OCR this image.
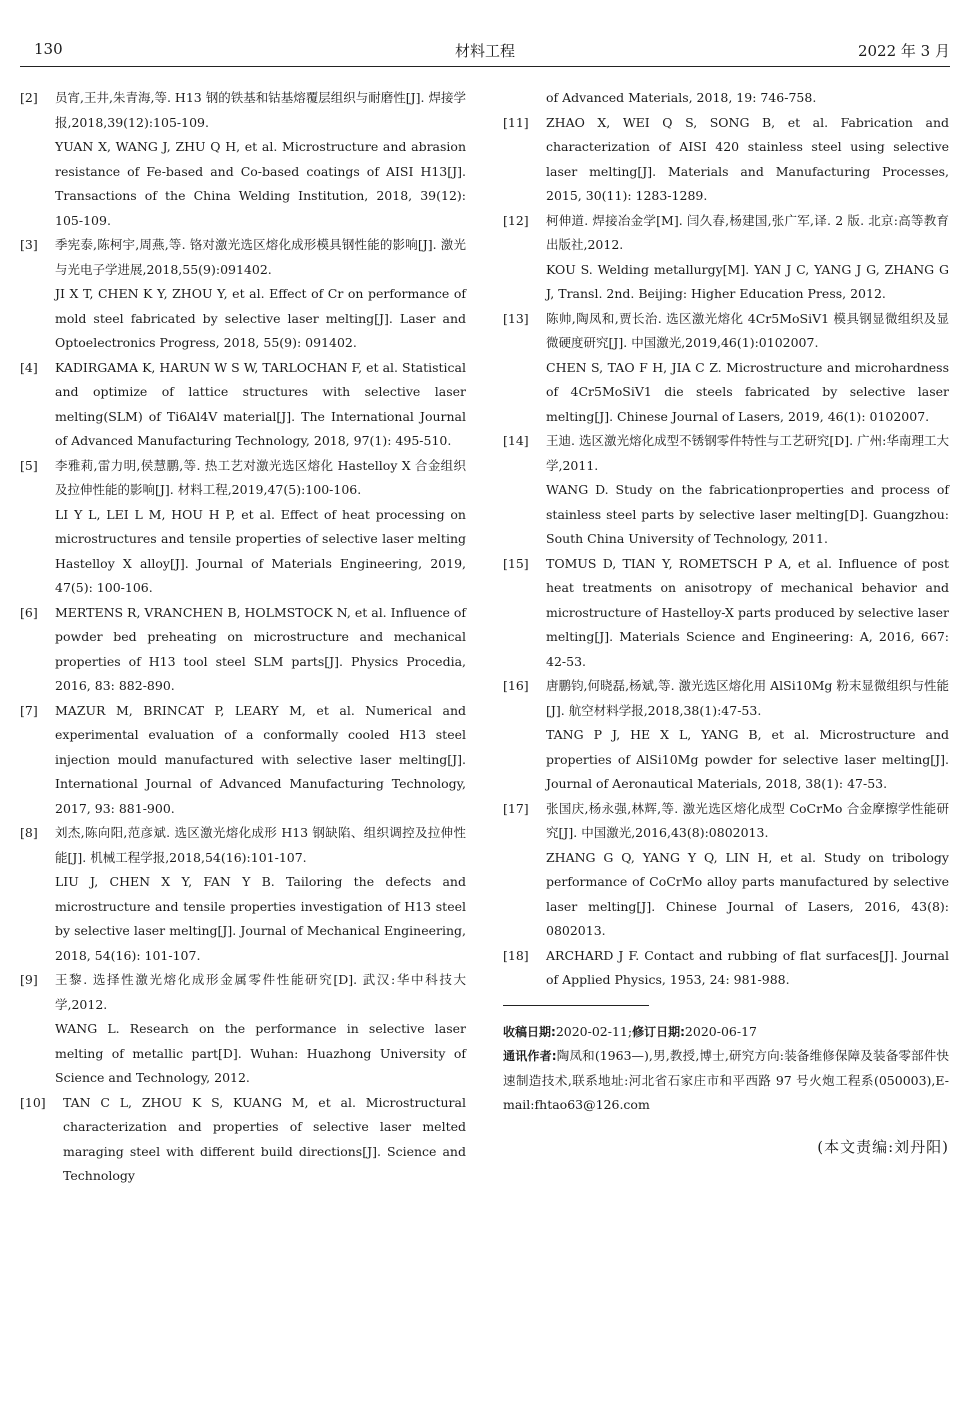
130	材料工程	2022 年 3 月
[2] 员宵,王井,朱青海,等. H13 钢的铁基和钴基熔覆层组织与耐磨性[J]. 焊接学报,2018,39(12):105-109.
YUAN X, WANG J, ZHU Q H, et al. Microstructure and abrasion resistance of Fe-based and Co-based coatings of AISI H13[J]. Transactions of the China Welding Institution, 2018, 39(12): 105-109.
[3] 季宪泰,陈柯宇,周燕,等. 铬对激光选区熔化成形模具钢性能的影响[J]. 激光与光电子学进展,2018,55(9):091402.
JI X T, CHEN K Y, ZHOU Y, et al. Effect of Cr on performance of mold steel fabricated by selective laser melting[J]. Laser and Optoelectronics Progress, 2018, 55(9): 091402.
[4] KADIRGAMA K, HARUN W S W, TARLOCHAN F, et al. Statistical and optimize of lattice structures with selective laser melting(SLM) of Ti6Al4V material[J]. The International Journal of Advanced Manufacturing Technology, 2018, 97(1): 495-510.
[5] 李雅莉,雷力明,侯慧鹏,等. 热工艺对激光选区熔化 Hastelloy X 合金组织及拉伸性能的影响[J]. 材料工程,2019,47(5):100-106.
LI Y L, LEI L M, HOU H P, et al. Effect of heat processing on microstructures and tensile properties of selective laser melting Hastelloy X alloy[J]. Journal of Materials Engineering, 2019, 47(5): 100-106.
[6] MERTENS R, VRANCHEN B, HOLMSTOCK N, et al. Influence of powder bed preheating on microstructure and mechanical properties of H13 tool steel SLM parts[J]. Physics Procedia, 2016, 83: 882-890.
[7] MAZUR M, BRINCAT P, LEARY M, et al. Numerical and experimental evaluation of a conformally cooled H13 steel injection mould manufactured with selective laser melting[J]. International Journal of Advanced Manufacturing Technology, 2017, 93: 881-900.
[8] 刘杰,陈向阳,范彦斌. 选区激光熔化成形 H13 钢缺陷、组织调控及拉伸性能[J]. 机械工程学报,2018,54(16):101-107.
LIU J, CHEN X Y, FAN Y B. Tailoring the defects and microstructure and tensile properties investigation of H13 steel by selective laser melting[J]. Journal of Mechanical Engineering, 2018, 54(16): 101-107.
[9] 王黎. 选择性激光熔化成形金属零件性能研究[D]. 武汉:华中科技大学,2012.
WANG L. Research on the performance in selective laser melting of metallic part[D]. Wuhan: Huazhong University of Science and Technology, 2012.
[10] TAN C L, ZHOU K S, KUANG M, et al. Microstructural characterization and properties of selective laser melted maraging steel with different build directions[J]. Science and Technology
of Advanced Materials, 2018, 19: 746-758.
[11] ZHAO X, WEI Q S, SONG B, et al. Fabrication and characterization of AISI 420 stainless steel using selective laser melting[J]. Materials and Manufacturing Processes, 2015, 30(11): 1283-1289.
[12] 柯伸道. 焊接冶金学[M]. 闫久春,杨建国,张广军,译. 2 版. 北京:高等教育出版社,2012.
KOU S. Welding metallurgy[M]. YAN J C, YANG J G, ZHANG G J, Transl. 2nd. Beijing: Higher Education Press, 2012.
[13] 陈帅,陶凤和,贾长治. 选区激光熔化 4Cr5MoSiV1 模具钢显微组织及显微硬度研究[J]. 中国激光,2019,46(1):0102007.
CHEN S, TAO F H, JIA C Z. Microstructure and microhardness of 4Cr5MoSiV1 die steels fabricated by selective laser melting[J]. Chinese Journal of Lasers, 2019, 46(1): 0102007.
[14] 王迪. 选区激光熔化成型不锈钢零件特性与工艺研究[D]. 广州:华南理工大学,2011.
WANG D. Study on the fabricationproperties and process of stainless steel parts by selective laser melting[D]. Guangzhou: South China University of Technology, 2011.
[15] TOMUS D, TIAN Y, ROMETSCH P A, et al. Influence of post heat treatments on anisotropy of mechanical behavior and microstructure of Hastelloy-X parts produced by selective laser melting[J]. Materials Science and Engineering: A, 2016, 667: 42-53.
[16] 唐鹏钧,何晓磊,杨斌,等. 激光选区熔化用 AlSi10Mg 粉末显微组织与性能[J]. 航空材料学报,2018,38(1):47-53.
TANG P J, HE X L, YANG B, et al. Microstructure and properties of AlSi10Mg powder for selective laser melting[J]. Journal of Aeronautical Materials, 2018, 38(1): 47-53.
[17] 张国庆,杨永强,林辉,等. 激光选区熔化成型 CoCrMo 合金摩擦学性能研究[J]. 中国激光,2016,43(8):0802013.
ZHANG G Q, YANG Y Q, LIN H, et al. Study on tribology performance of CoCrMo alloy parts manufactured by selective laser melting[J]. Chinese Journal of Lasers, 2016, 43(8): 0802013.
[18] ARCHARD J F. Contact and rubbing of flat surfaces[J]. Journal of Applied Physics, 1953, 24: 981-988.
收稿日期:2020-02-11;修订日期:2020-06-17
通讯作者:陶凤和(1963—),男,教授,博士,研究方向:装备维修保障及装备零部件快速制造技术,联系地址:河北省石家庄市和平西路 97 号火炮工程系(050003),E-mail:fhtao63@126.com
(本文责编:刘丹阳)
